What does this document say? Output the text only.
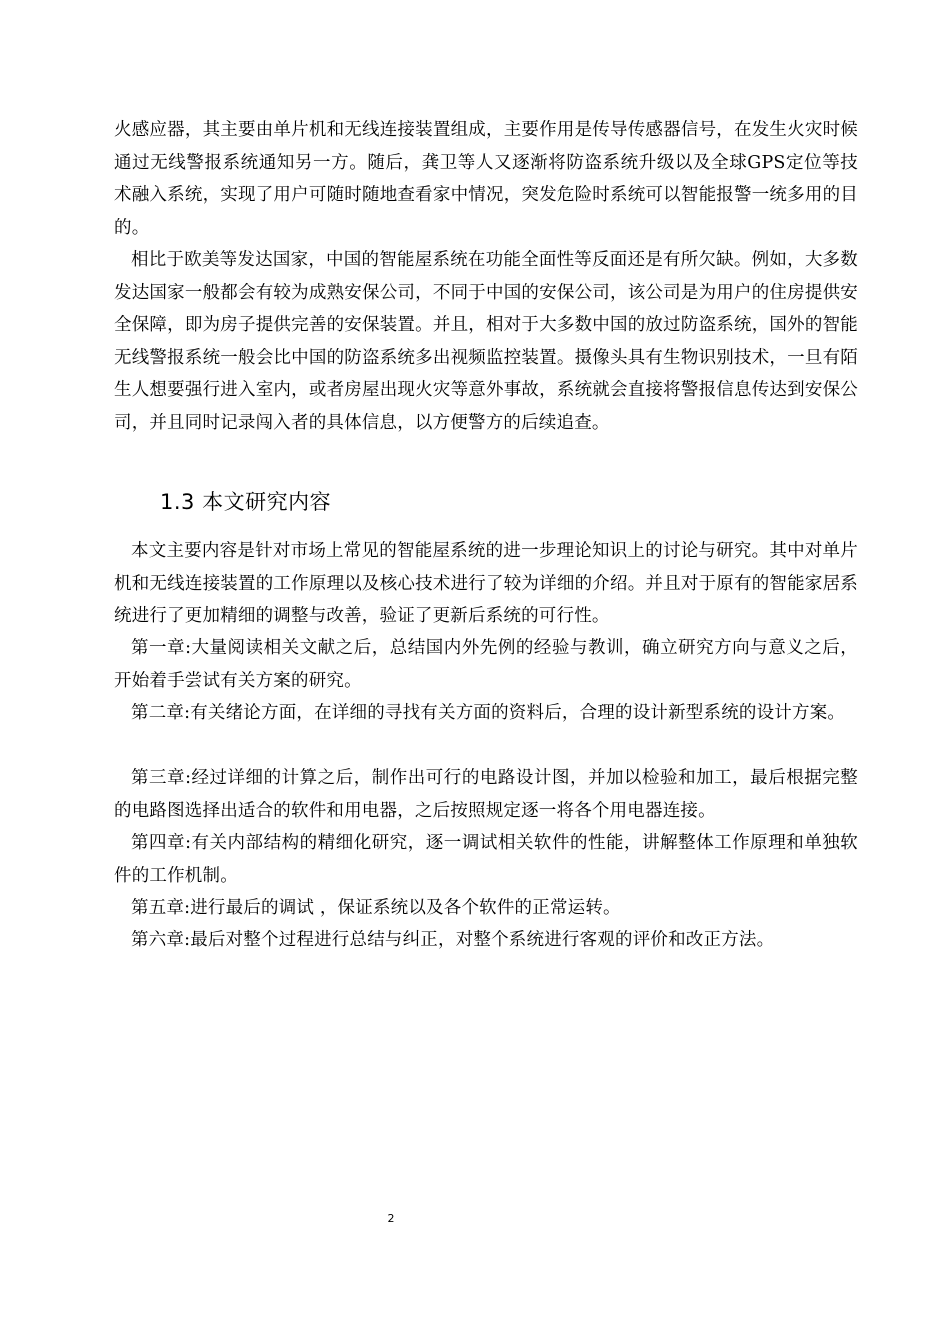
火感应器，其主要由单片机和无线连接装置组成，主要作用是传导传感器信号，在发生火灾时候通过无线警报系统通知另一方。随后，龚卫等人又逐渐将防盗系统升级以及全球GPS定位等技术融入系统，实现了用户可随时随地查看家中情况，突发危险时系统可以智能报警一统多用的目的。

相比于欧美等发达国家，中国的智能屋系统在功能全面性等反面还是有所欠缺。例如，大多数发达国家一般都会有较为成熟安保公司，不同于中国的安保公司，该公司是为用户的住房提供安全保障，即为房子提供完善的安保装置。并且，相对于大多数中国的放过防盗系统，国外的智能无线警报系统一般会比中国的防盗系统多出视频监控装置。摄像头具有生物识别技术，一旦有陌生人想要强行进入室内，或者房屋出现火灾等意外事故，系统就会直接将警报信息传达到安保公司，并且同时记录闯入者的具体信息，以方便警方的后续追查。

1.3 本文研究内容

本文主要内容是针对市场上常见的智能屋系统的进一步理论知识上的讨论与研究。其中对单片机和无线连接装置的工作原理以及核心技术进行了较为详细的介绍。并且对于原有的智能家居系统进行了更加精细的调整与改善，验证了更新后系统的可行性。

第一章:大量阅读相关文献之后，总结国内外先例的经验与教训，确立研究方向与意义之后，开始着手尝试有关方案的研究。

第二章:有关绪论方面，在详细的寻找有关方面的资料后，合理的设计新型系统的设计方案。

第三章:经过详细的计算之后，制作出可行的电路设计图，并加以检验和加工，最后根据完整的电路图选择出适合的软件和用电器，之后按照规定逐一将各个用电器连接。

第四章:有关内部结构的精细化研究，逐一调试相关软件的性能，讲解整体工作原理和单独软件的工作机制。

第五章:进行最后的调试 ，保证系统以及各个软件的正常运转。

第六章:最后对整个过程进行总结与纠正，对整个系统进行客观的评价和改正方法。

2
